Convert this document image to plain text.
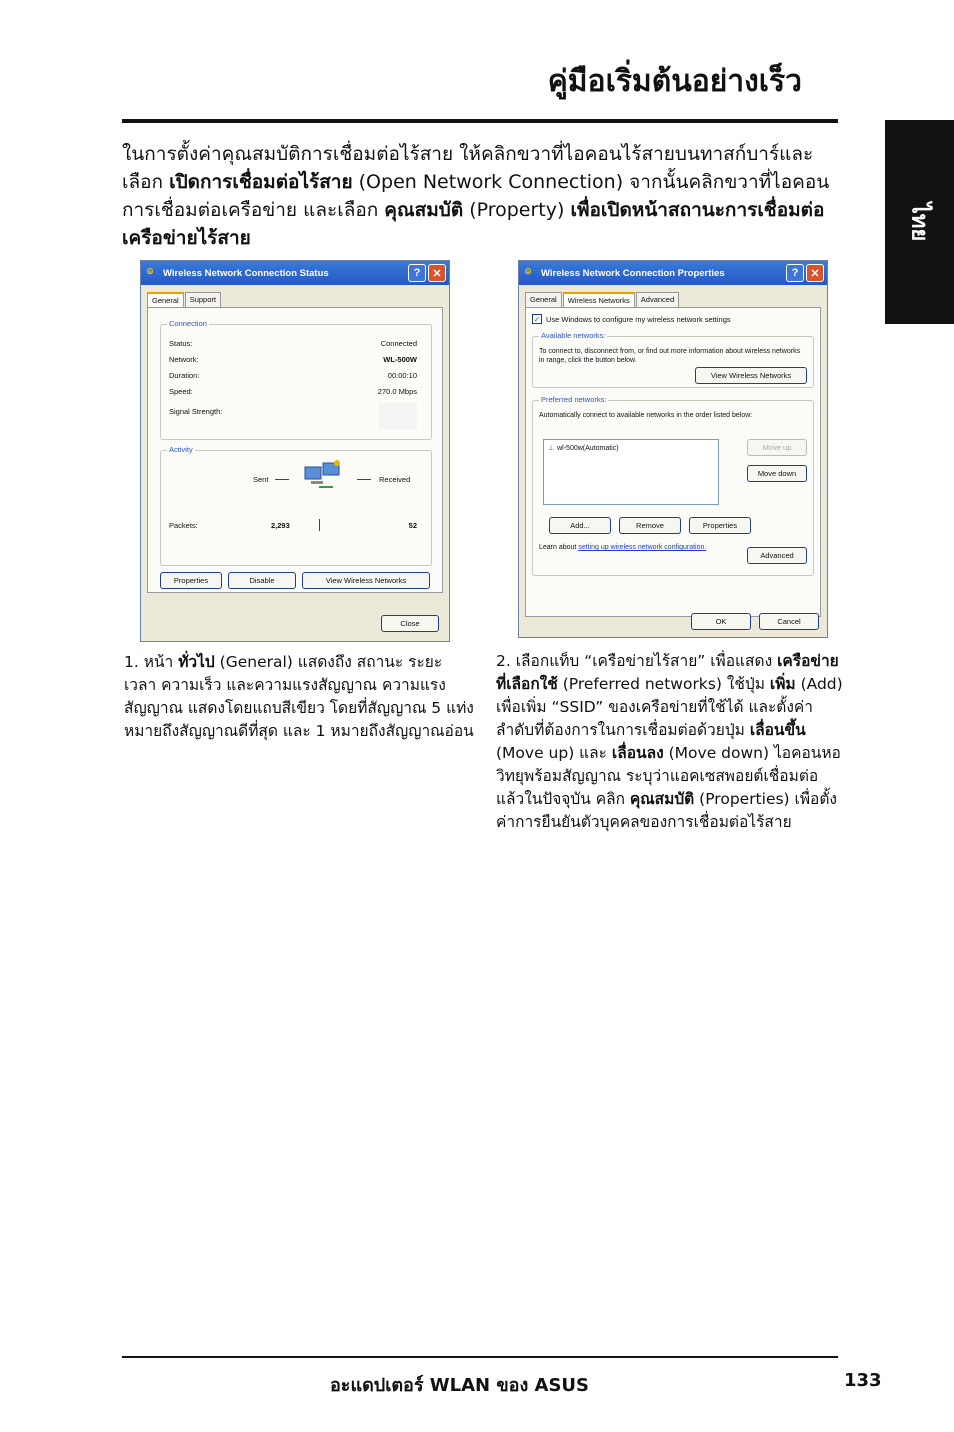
คู่มือเริ่มต้นอย่างเร็ว
ไทย
ในการตั้งค่าคุณสมบัติการเชื่อมต่อไร้สาย ให้คลิกขวาที่ไอคอนไร้สายบนทาสก์บาร์และเลือก เปิดการเชื่อมต่อไร้สาย (Open Network Connection) จากนั้นคลิกขวาที่ไอคอนการเชื่อมต่อเครือข่าย และเลือก คุณสมบัติ (Property) เพื่อเปิดหน้าสถานะการเชื่อมต่อเครือข่ายไร้สาย
⌾	Wireless Network Connection Status	?	✕
General	Support
Connection
Status:	Connected
Network:	WL-500W
Duration:	00:00:10
Speed:	270.0 Mbps
Signal Strength:
Activity
Sent	Received
Packets:	2,293	52
Properties	Disable	View Wireless Networks
Close
⌾	Wireless Network Connection Properties	?	✕
General	Wireless Networks	Advanced
✓ Use Windows to configure my wireless network settings
Available networks:
To connect to, disconnect from, or find out more information about wireless networks in range, click the button below.
View Wireless Networks
Preferred networks:
Automatically connect to available networks in the order listed below:
⊥ wl-500w(Automatic)	Move up
Move down
Add...	Remove	Properties
Learn about setting up wireless network configuration.
Advanced
OK	Cancel
1. หน้า ทั่วไป (General) แสดงถึง สถานะ ระยะเวลา ความเร็ว และความแรงสัญญาณ ความแรงสัญญาณ แสดงโดยแถบสีเขียว โดยที่สัญญาณ 5 แท่งหมายถึงสัญญาณดีที่สุด และ 1 หมายถึงสัญญาณอ่อน
2. เลือกแท็บ “เครือข่ายไร้สาย” เพื่อแสดง เครือข่ายที่เลือกใช้ (Preferred networks) ใช้ปุ่ม เพิ่ม (Add) เพื่อเพิ่ม “SSID” ของเครือข่ายที่ใช้ได้ และตั้งค่าลำดับที่ต้องการในการเชื่อมต่อด้วยปุ่ม เลื่อนขึ้น (Move up) และ เลื่อนลง (Move down) ไอคอนหอวิทยุพร้อมสัญญาณ ระบุว่าแอคเซสพอยต์เชื่อมต่อแล้วในปัจจุบัน คลิก คุณสมบัติ (Properties) เพื่อตั้งค่าการยืนยันตัวบุคคลของการเชื่อมต่อไร้สาย
อะแดปเตอร์ WLAN ของ ASUS	133
